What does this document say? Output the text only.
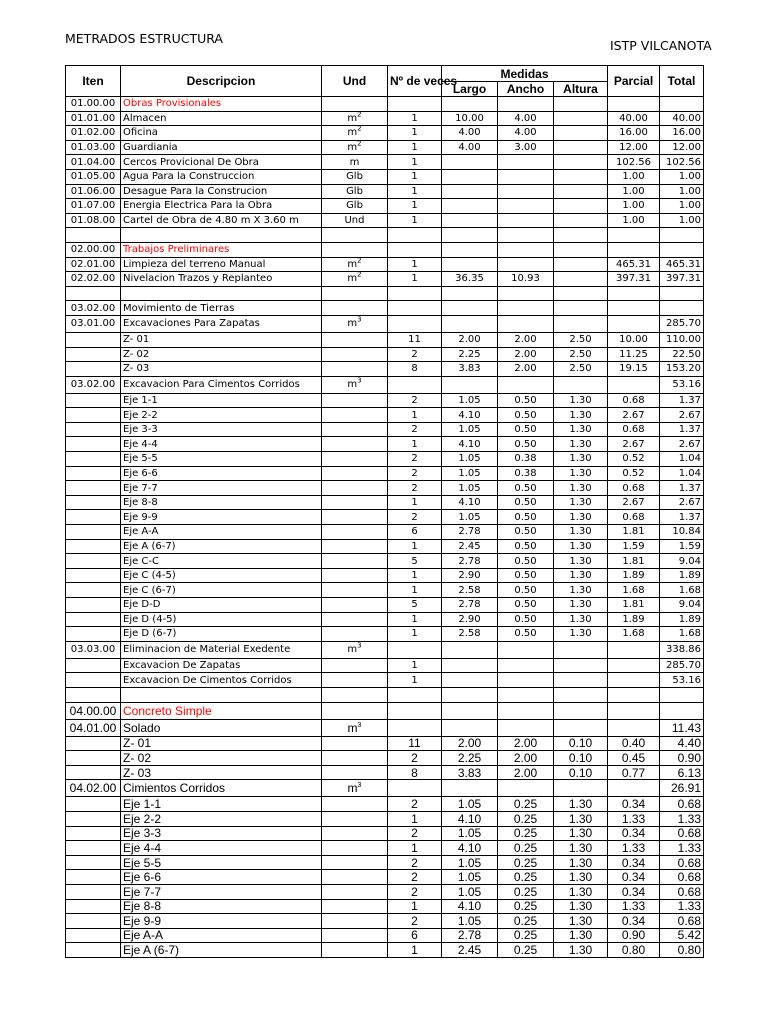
METRADOS ESTRUCTURA	ISTP VILCANOTA
Iten	Descripcion	Und	Nº de veces	Medidas			Parcial	Total
				Largo	Ancho	Altura		
01.00.00	Obras Provisionales							
01.01.00	Almacen	$m^2$	1	10.00	4.00		40.00	40.00
01.02.00	Oficina	$m^2$	1	4.00	4.00		16.00	16.00
01.03.00	Guardiania	$m^2$	1	4.00	3.00		12.00	12.00
01.04.00	Cercos Provicional De Obra	m	1				102.56	102.56
01.05.00	Agua Para la Construccion	Glb	1				1.00	1.00
01.06.00	Desague Para la Construcion	Glb	1				1.00	1.00
01.07.00	Energia Electrica Para la Obra	Glb	1				1.00	1.00
01.08.00	Cartel de Obra de 4.80 m X 3.60 m	Und	1				1.00	1.00

02.00.00	Trabajos Preliminares							
02.01.00	Limpieza del terreno Manual	$m^2$	1				465.31	465.31
02.02.00	Nivelacion Trazos y Replanteo	$m^2$	1	36.35	10.93		397.31	397.31

03.02.00	Movimiento de Tierras							
03.01.00	Excavaciones Para Zapatas	$m^3$						285.70
	Z- 01		11	2.00	2.00	2.50	10.00	110.00
	Z- 02		2	2.25	2.00	2.50	11.25	22.50
	Z- 03		8	3.83	2.00	2.50	19.15	153.20
03.02.00	Excavacion Para Cimentos Corridos	$m^3$						53.16
	Eje 1-1		2	1.05	0.50	1.30	0.68	1.37
	Eje 2-2		1	4.10	0.50	1.30	2.67	2.67
	Eje 3-3		2	1.05	0.50	1.30	0.68	1.37
	Eje 4-4		1	4.10	0.50	1.30	2.67	2.67
	Eje 5-5		2	1.05	0.38	1.30	0.52	1.04
	Eje 6-6		2	1.05	0.38	1.30	0.52	1.04
	Eje 7-7		2	1.05	0.50	1.30	0.68	1.37
	Eje 8-8		1	4.10	0.50	1.30	2.67	2.67
	Eje 9-9		2	1.05	0.50	1.30	0.68	1.37
	Eje A-A		6	2.78	0.50	1.30	1.81	10.84
	Eje A (6-7)		1	2.45	0.50	1.30	1.59	1.59
	Eje C-C		5	2.78	0.50	1.30	1.81	9.04
	Eje C (4-5)		1	2.90	0.50	1.30	1.89	1.89
	Eje C (6-7)		1	2.58	0.50	1.30	1.68	1.68
	Eje D-D		5	2.78	0.50	1.30	1.81	9.04
	Eje D (4-5)		1	2.90	0.50	1.30	1.89	1.89
	Eje D (6-7)		1	2.58	0.50	1.30	1.68	1.68
03.03.00	Eliminacion de Material Exedente	$m^3$						338.86
	Excavacion De Zapatas		1					285.70
	Excavacion De Cimentos Corridos		1					53.16

04.00.00	Concreto Simple							
04.01.00	Solado	$m^3$						11.43
	Z- 01		11	2.00	2.00	0.10	0.40	4.40
	Z- 02		2	2.25	2.00	0.10	0.45	0.90
	Z- 03		8	3.83	2.00	0.10	0.77	6.13
04.02.00	Cimientos Corridos	$m^3$						26.91
	Eje 1-1		2	1.05	0.25	1.30	0.34	0.68
	Eje 2-2		1	4.10	0.25	1.30	1.33	1.33
	Eje 3-3		2	1.05	0.25	1.30	0.34	0.68
	Eje 4-4		1	4.10	0.25	1.30	1.33	1.33
	Eje 5-5		2	1.05	0.25	1.30	0.34	0.68
	Eje 6-6		2	1.05	0.25	1.30	0.34	0.68
	Eje 7-7		2	1.05	0.25	1.30	0.34	0.68
	Eje 8-8		1	4.10	0.25	1.30	1.33	1.33
	Eje 9-9		2	1.05	0.25	1.30	0.34	0.68
	Eje A-A		6	2.78	0.25	1.30	0.90	5.42
	Eje A (6-7)		1	2.45	0.25	1.30	0.80	0.80
